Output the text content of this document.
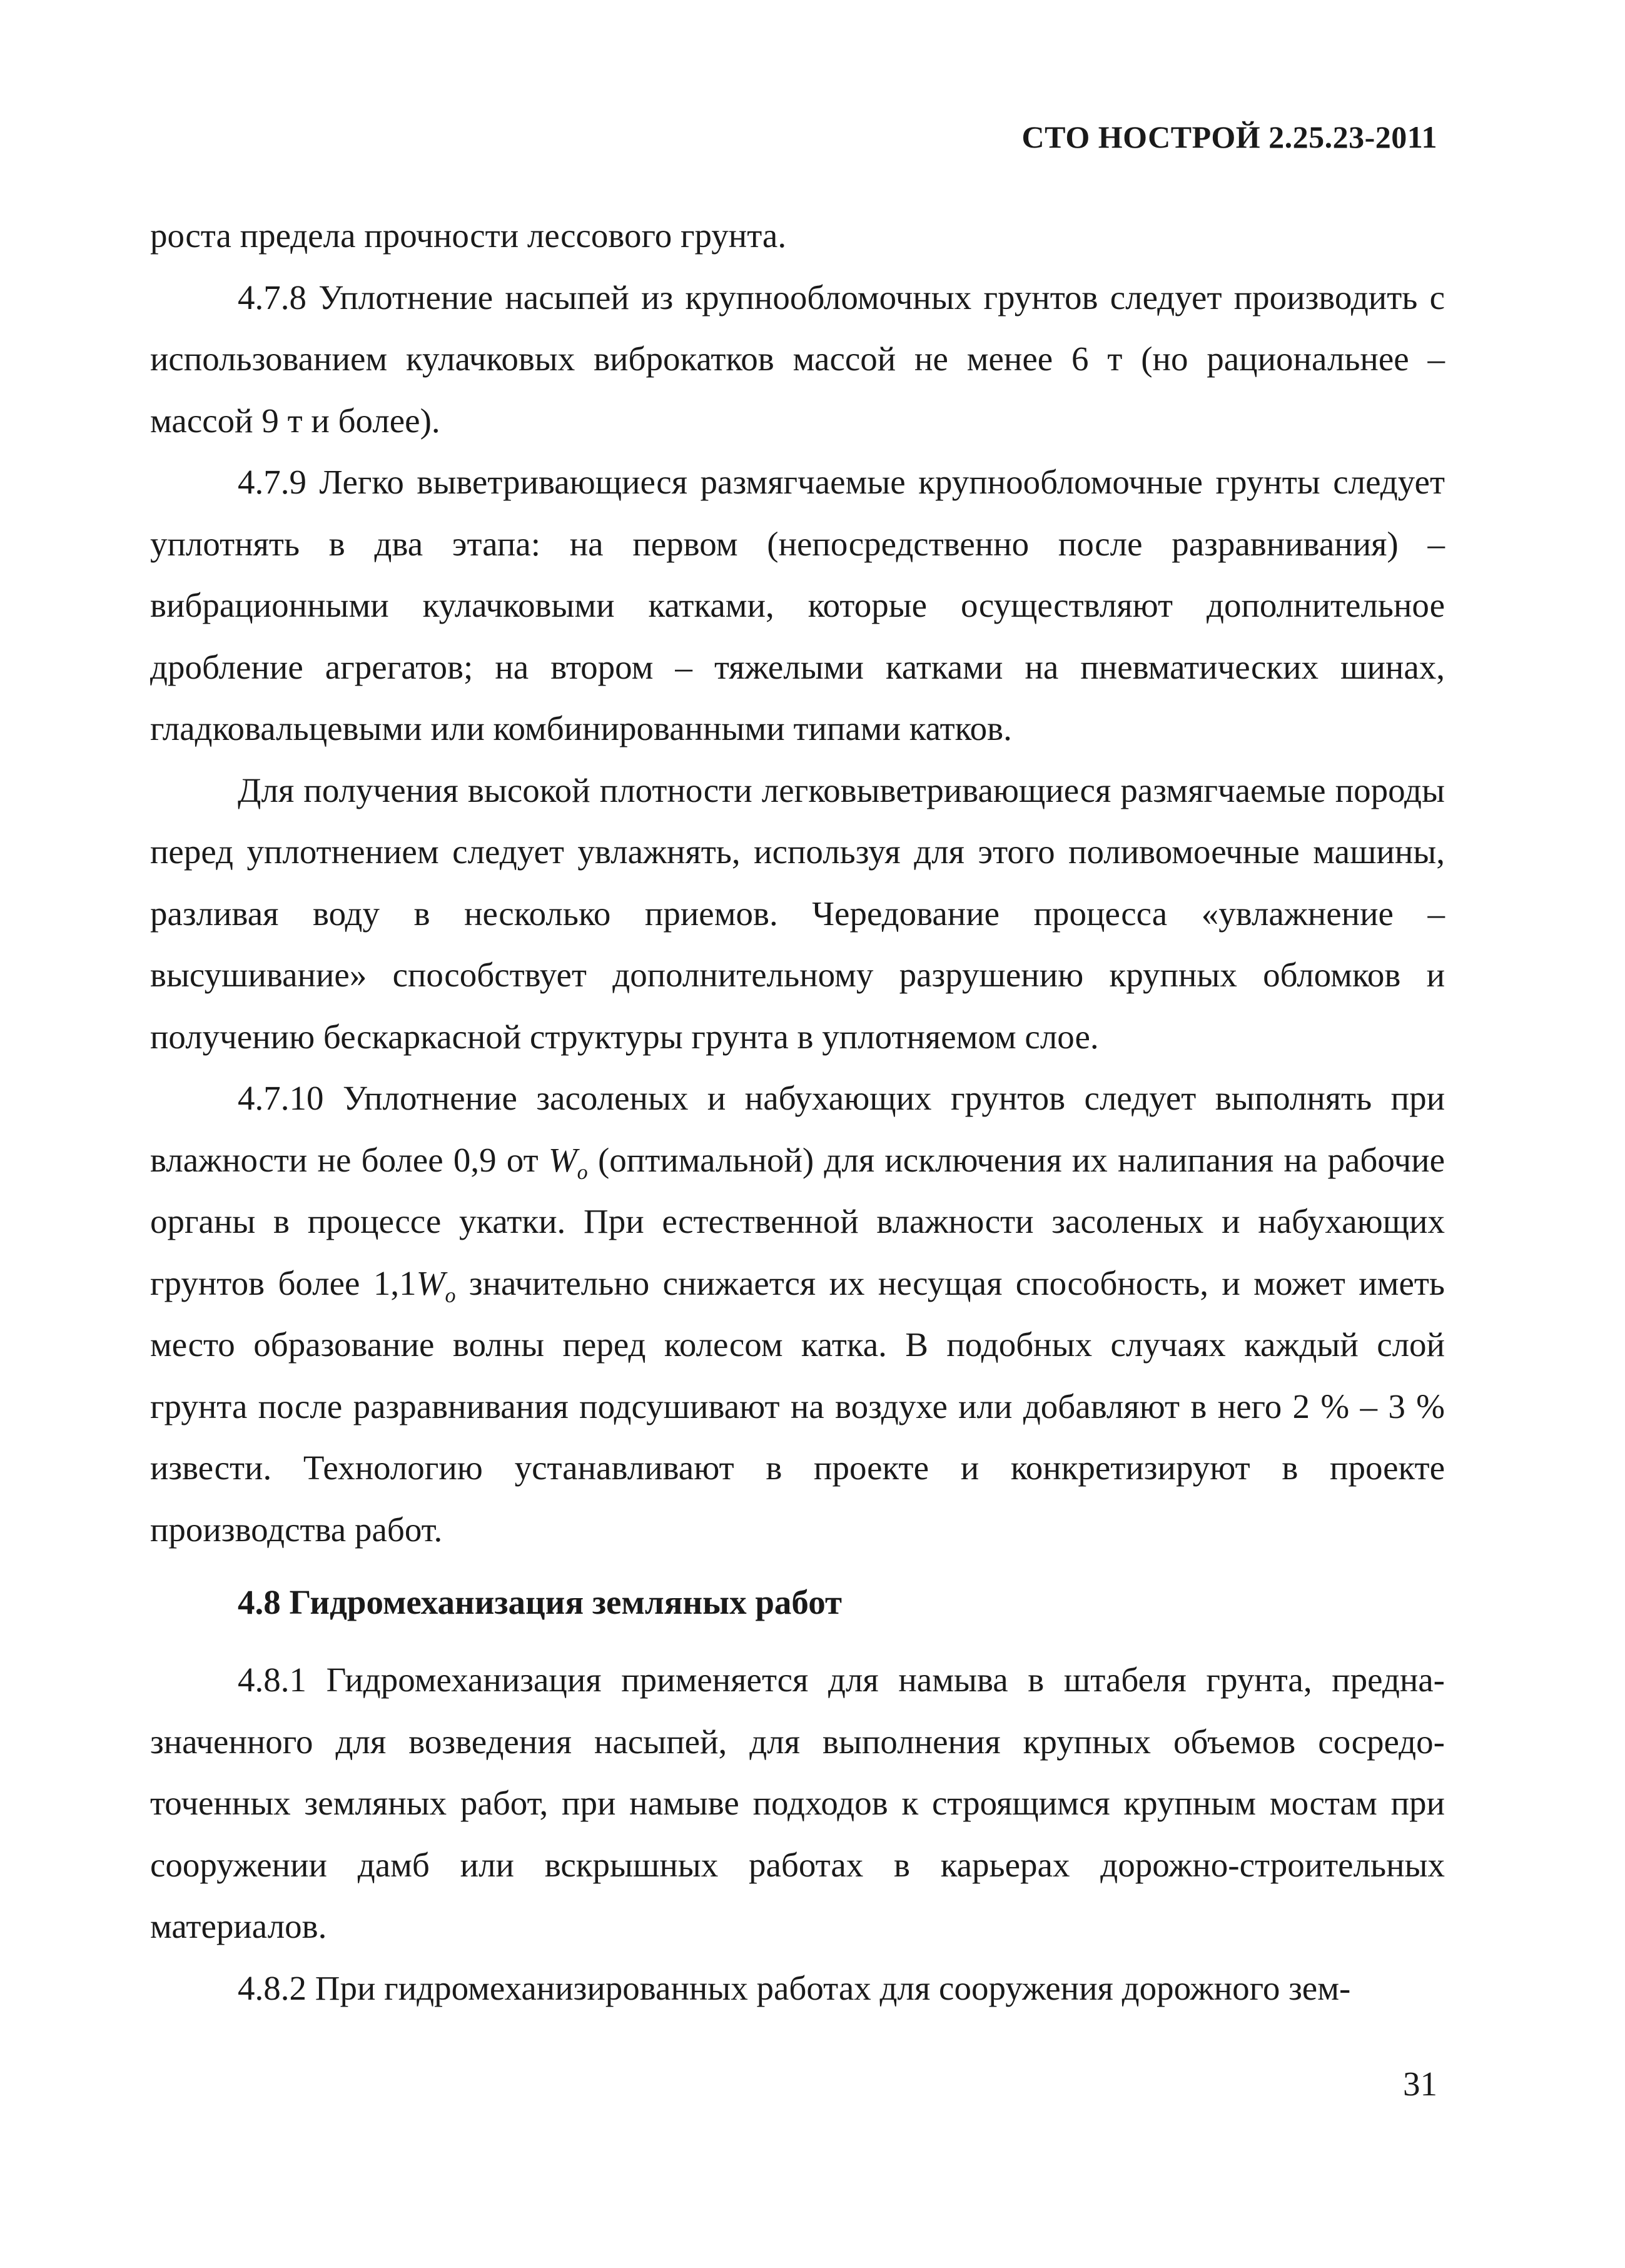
СТО НОСТРОЙ 2.25.23-2011

роста предела прочности лессового грунта.

4.7.8 Уплотнение насыпей из крупнообломочных грунтов следует производить с использованием кулачковых виброкатков массой не менее 6 т (но рациональнее – массой 9 т и более).

4.7.9 Легко выветривающиеся размягчаемые крупнообломочные грунты следует уплотнять в два этапа: на первом (непосредственно после разравнивания) – вибрационными кулачковыми катками, которые осуществляют дополнительное дробление агрегатов; на втором – тяжелыми катками на пневматических шинах, гладковальцевыми или комбинированными типами катков.

Для получения высокой плотности легковыветривающиеся размягчаемые породы перед уплотнением следует увлажнять, используя для этого поливомоечные машины, разливая воду в несколько приемов. Чередование процесса «увлажнение – высушивание» способствует дополнительному разрушению крупных обломков и получению бескаркасной структуры грунта в уплотняемом слое.

4.7.10 Уплотнение засоленых и набухающих грунтов следует выполнять при влажности не более 0,9 от $W_o$ (оптимальной) для исключения их налипания на рабочие органы в процессе укатки. При естественной влажности засоленых и набухающих грунтов более $1,1W_o$ значительно снижается их несущая способность, и может иметь место образование волны перед колесом катка. В подобных случаях каждый слой грунта после разравнивания подсушивают на воздухе или добавляют в него 2 % – 3 % извести. Технологию устанавливают в проекте и конкретизируют в проекте производства работ.

4.8 Гидромеханизация земляных работ

4.8.1 Гидромеханизация применяется для намыва в штабеля грунта, предназначенного для возведения насыпей, для выполнения крупных объемов сосредоточенных земляных работ, при намыве подходов к строящимся крупным мостам при сооружении дамб или вскрышных работах в карьерах дорожно-строительных материалов.

4.8.2 При гидромеханизированных работах для сооружения дорожного зем-

31
